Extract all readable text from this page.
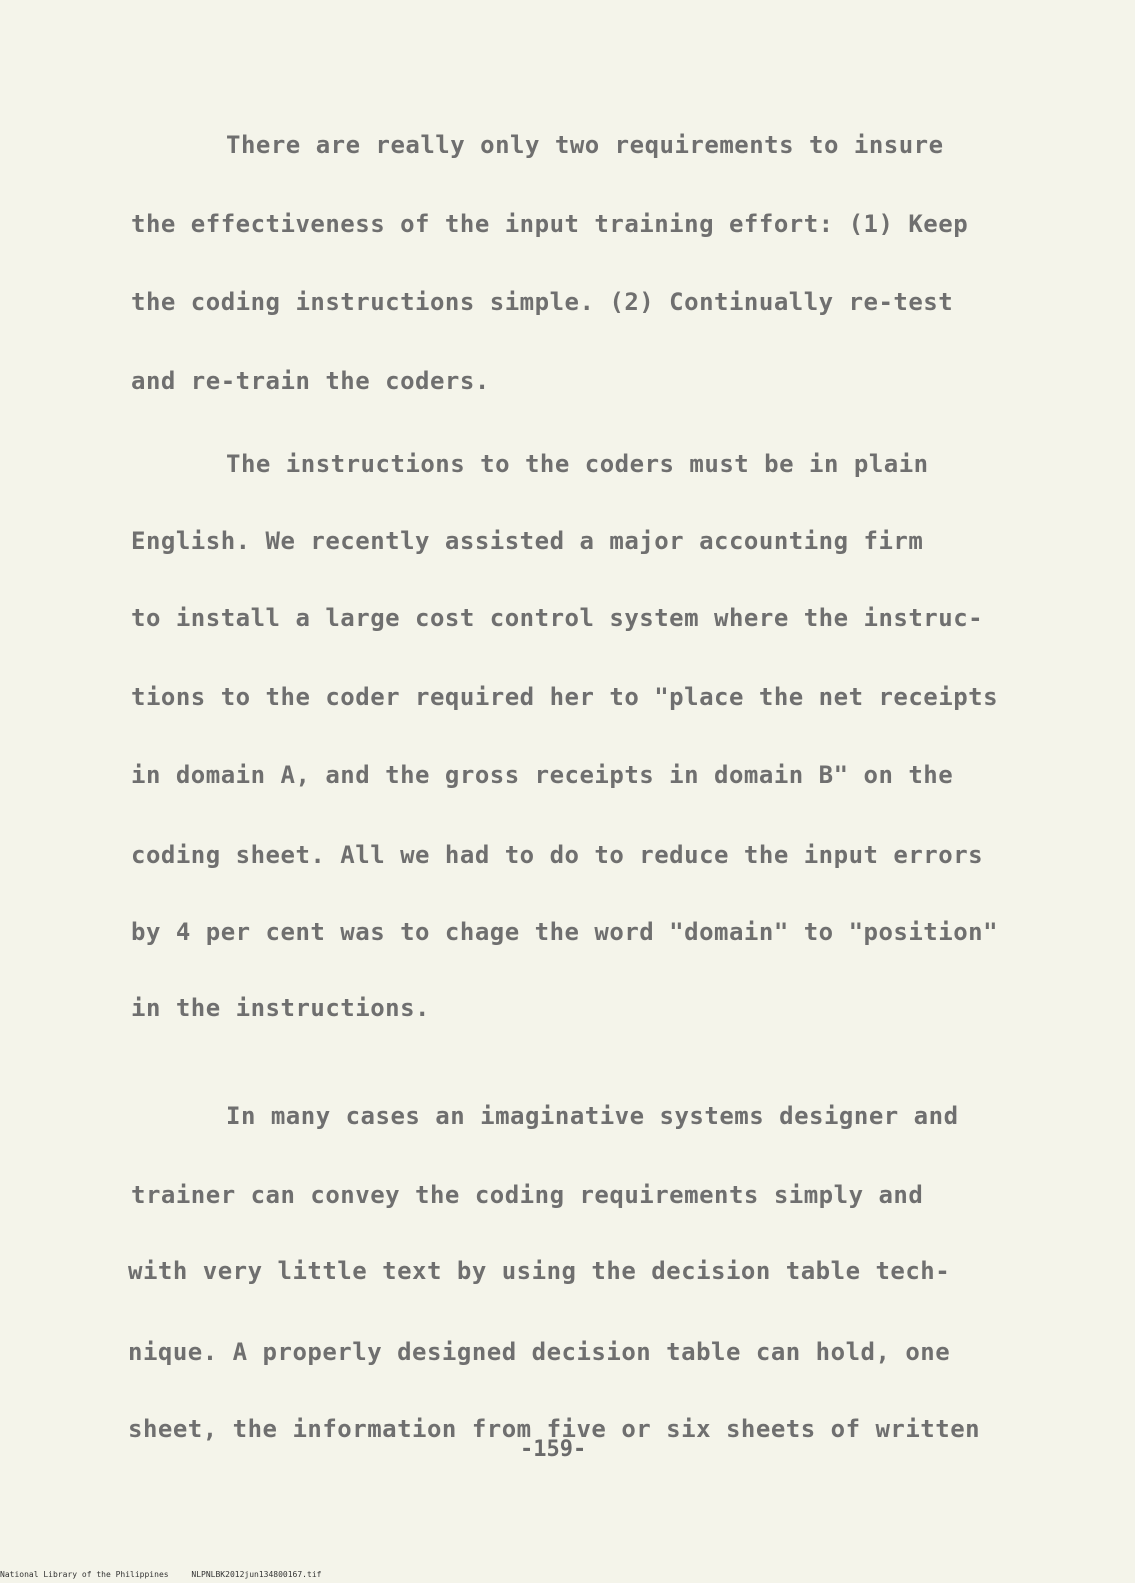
There are really only two requirements to insure
the effectiveness of the input training effort: (1) Keep
the coding instructions simple. (2) Continually re-test
and re-train the coders.
The instructions to the coders must be in plain
English. We recently assisted a major accounting firm
to install a large cost control system where the instruc-
tions to the coder required her to "place the net receipts
in domain A, and the gross receipts in domain B" on the
coding sheet. All we had to do to reduce the input errors
by 4 per cent was to chage the word "domain" to "position"
in the instructions.
In many cases an imaginative systems designer and
trainer can convey the coding requirements simply and
with very little text by using the decision table tech-
nique. A properly designed decision table can hold, one
sheet, the information from five or six sheets of written
-159-
National Library of the Philippines	NLPNLBK2012jun134800167.tif
